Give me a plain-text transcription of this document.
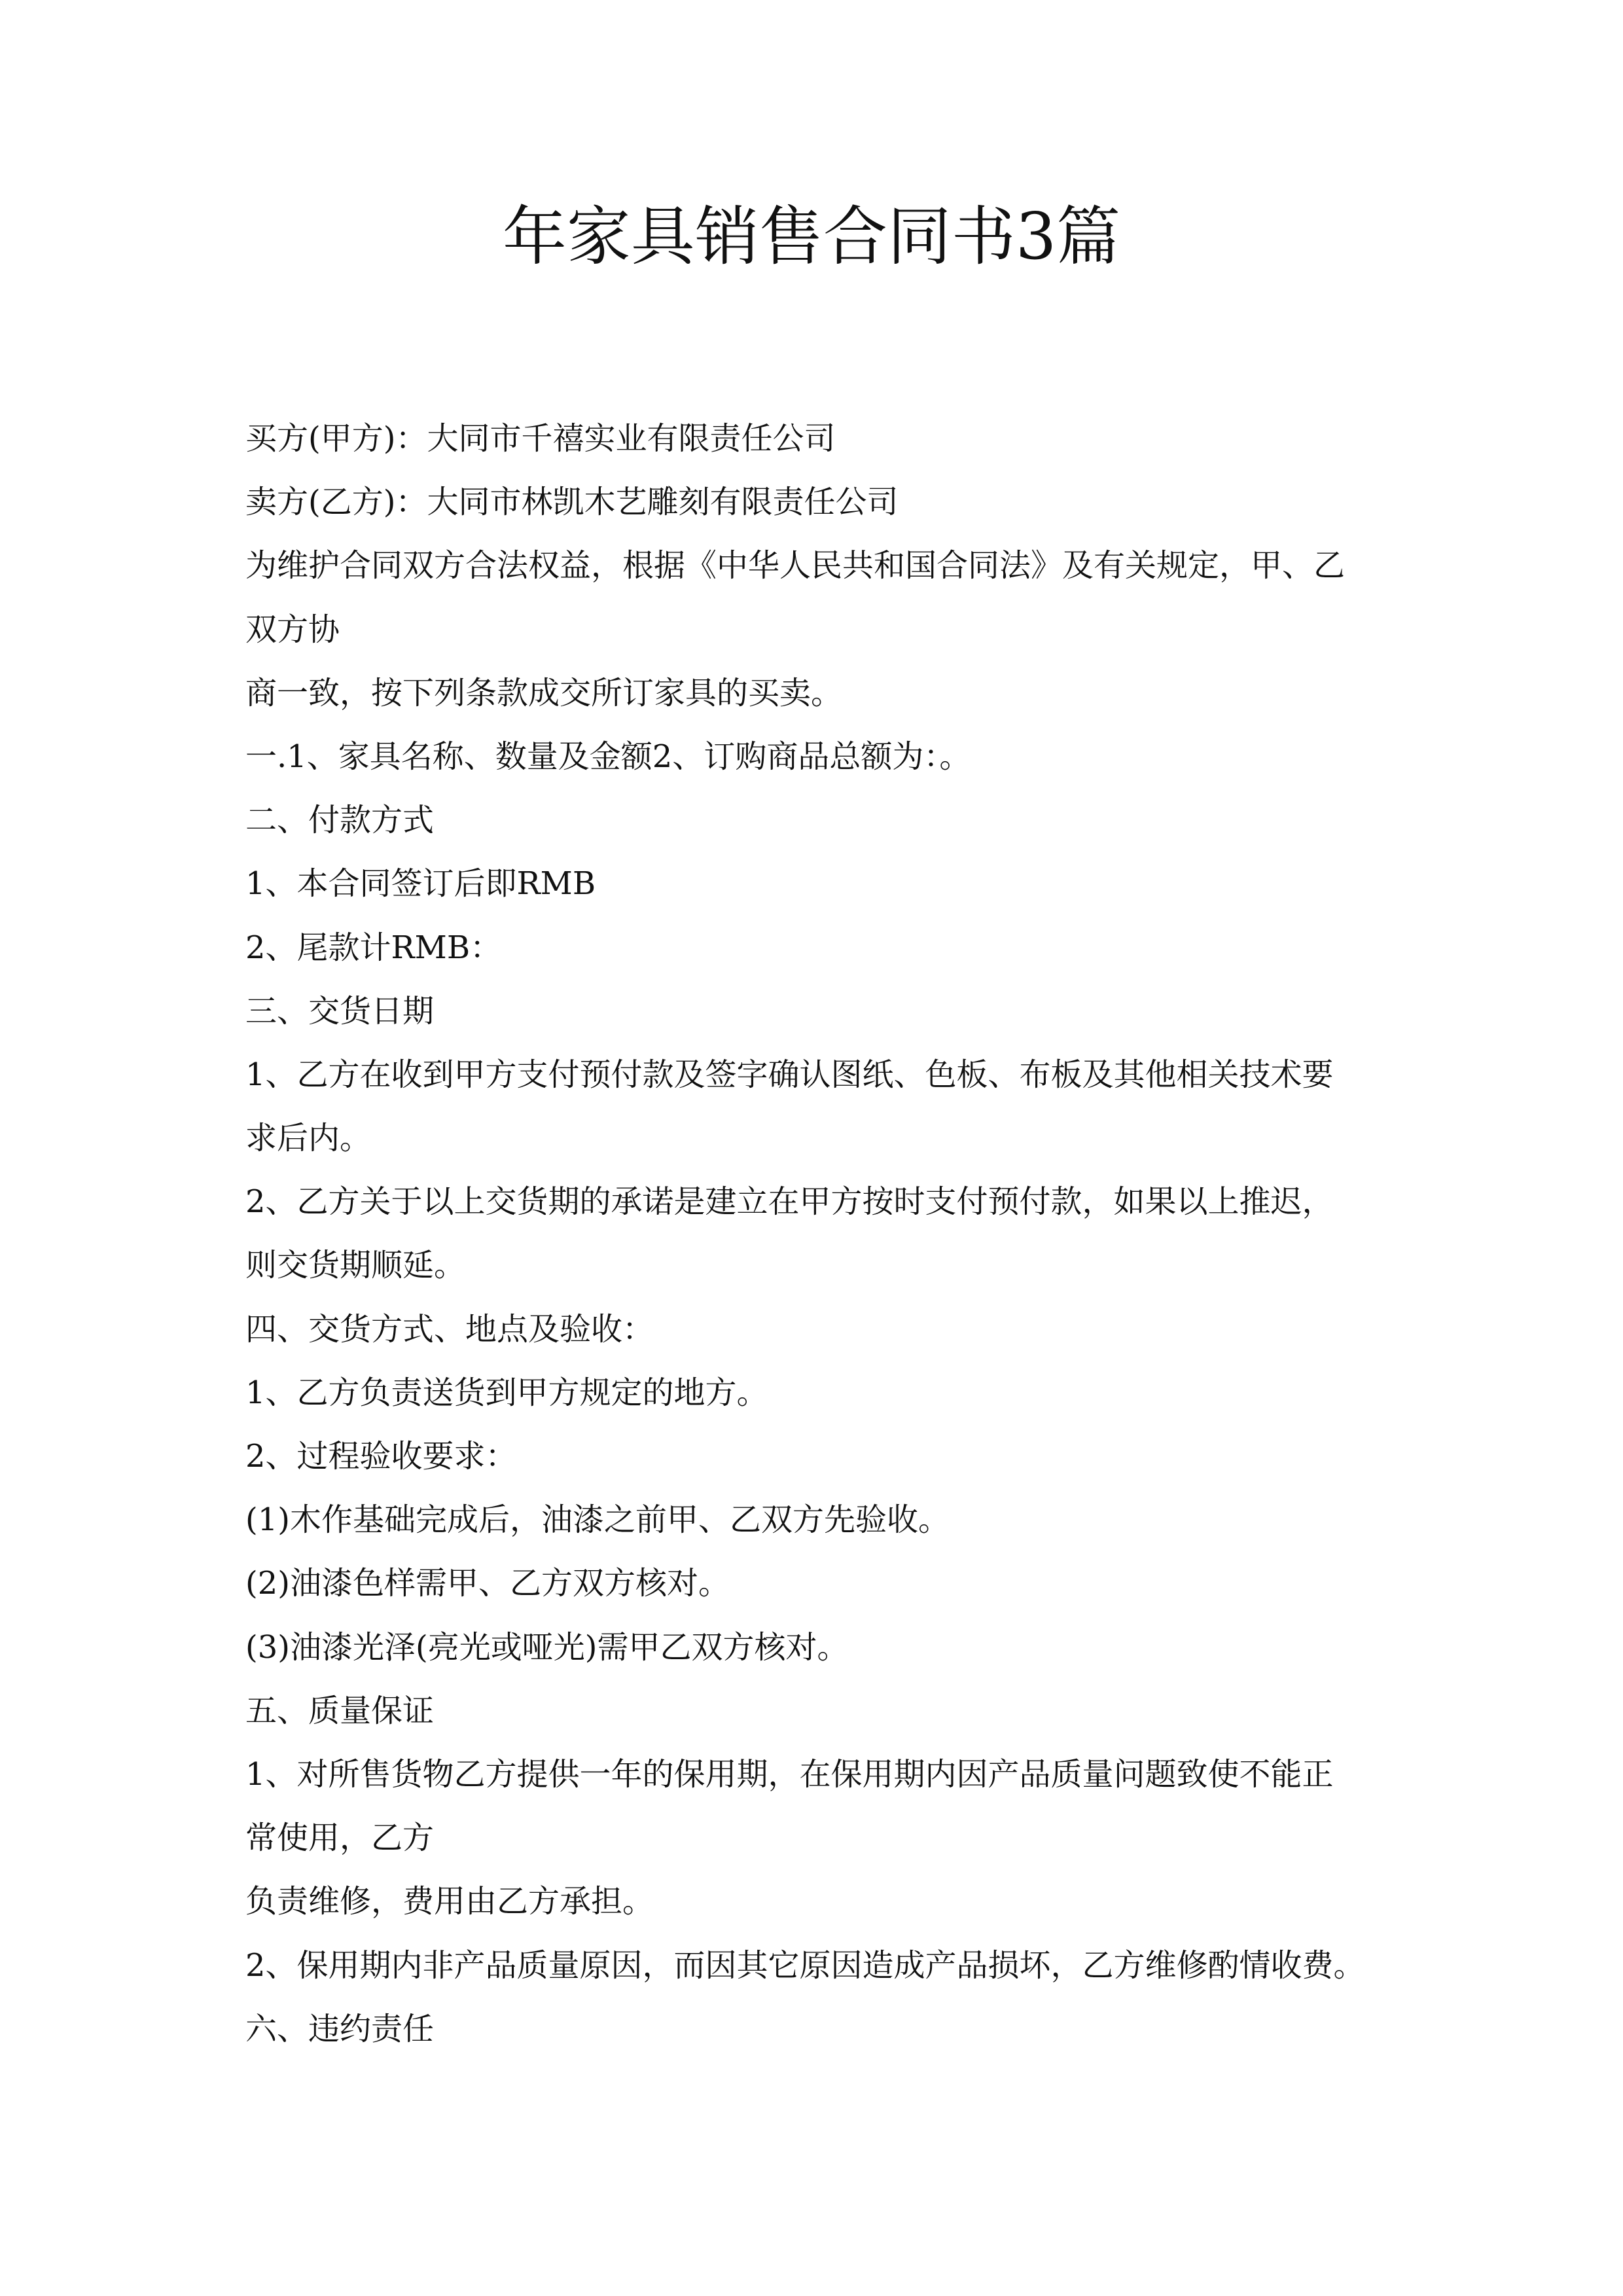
年家具销售合同书3篇
买方(甲方)：大同市千禧实业有限责任公司
卖方(乙方)：大同市林凯木艺雕刻有限责任公司
为维护合同双方合法权益，根据《中华人民共和国合同法》及有关规定，甲、乙
双方协
商一致，按下列条款成交所订家具的买卖。
一.1、家具名称、数量及金额2、订购商品总额为：。
二、付款方式
1、本合同签订后即RMB
2、尾款计RMB：
三、交货日期
1、乙方在收到甲方支付预付款及签字确认图纸、色板、布板及其他相关技术要
求后内。
2、乙方关于以上交货期的承诺是建立在甲方按时支付预付款，如果以上推迟，
则交货期顺延。
四、交货方式、地点及验收：
1、乙方负责送货到甲方规定的地方。
2、过程验收要求：
(1)木作基础完成后，油漆之前甲、乙双方先验收。
(2)油漆色样需甲、乙方双方核对。
(3)油漆光泽(亮光或哑光)需甲乙双方核对。
五、质量保证
1、对所售货物乙方提供一年的保用期，在保用期内因产品质量问题致使不能正
常使用，乙方
负责维修，费用由乙方承担。
2、保用期内非产品质量原因，而因其它原因造成产品损坏，乙方维修酌情收费。
六、违约责任
